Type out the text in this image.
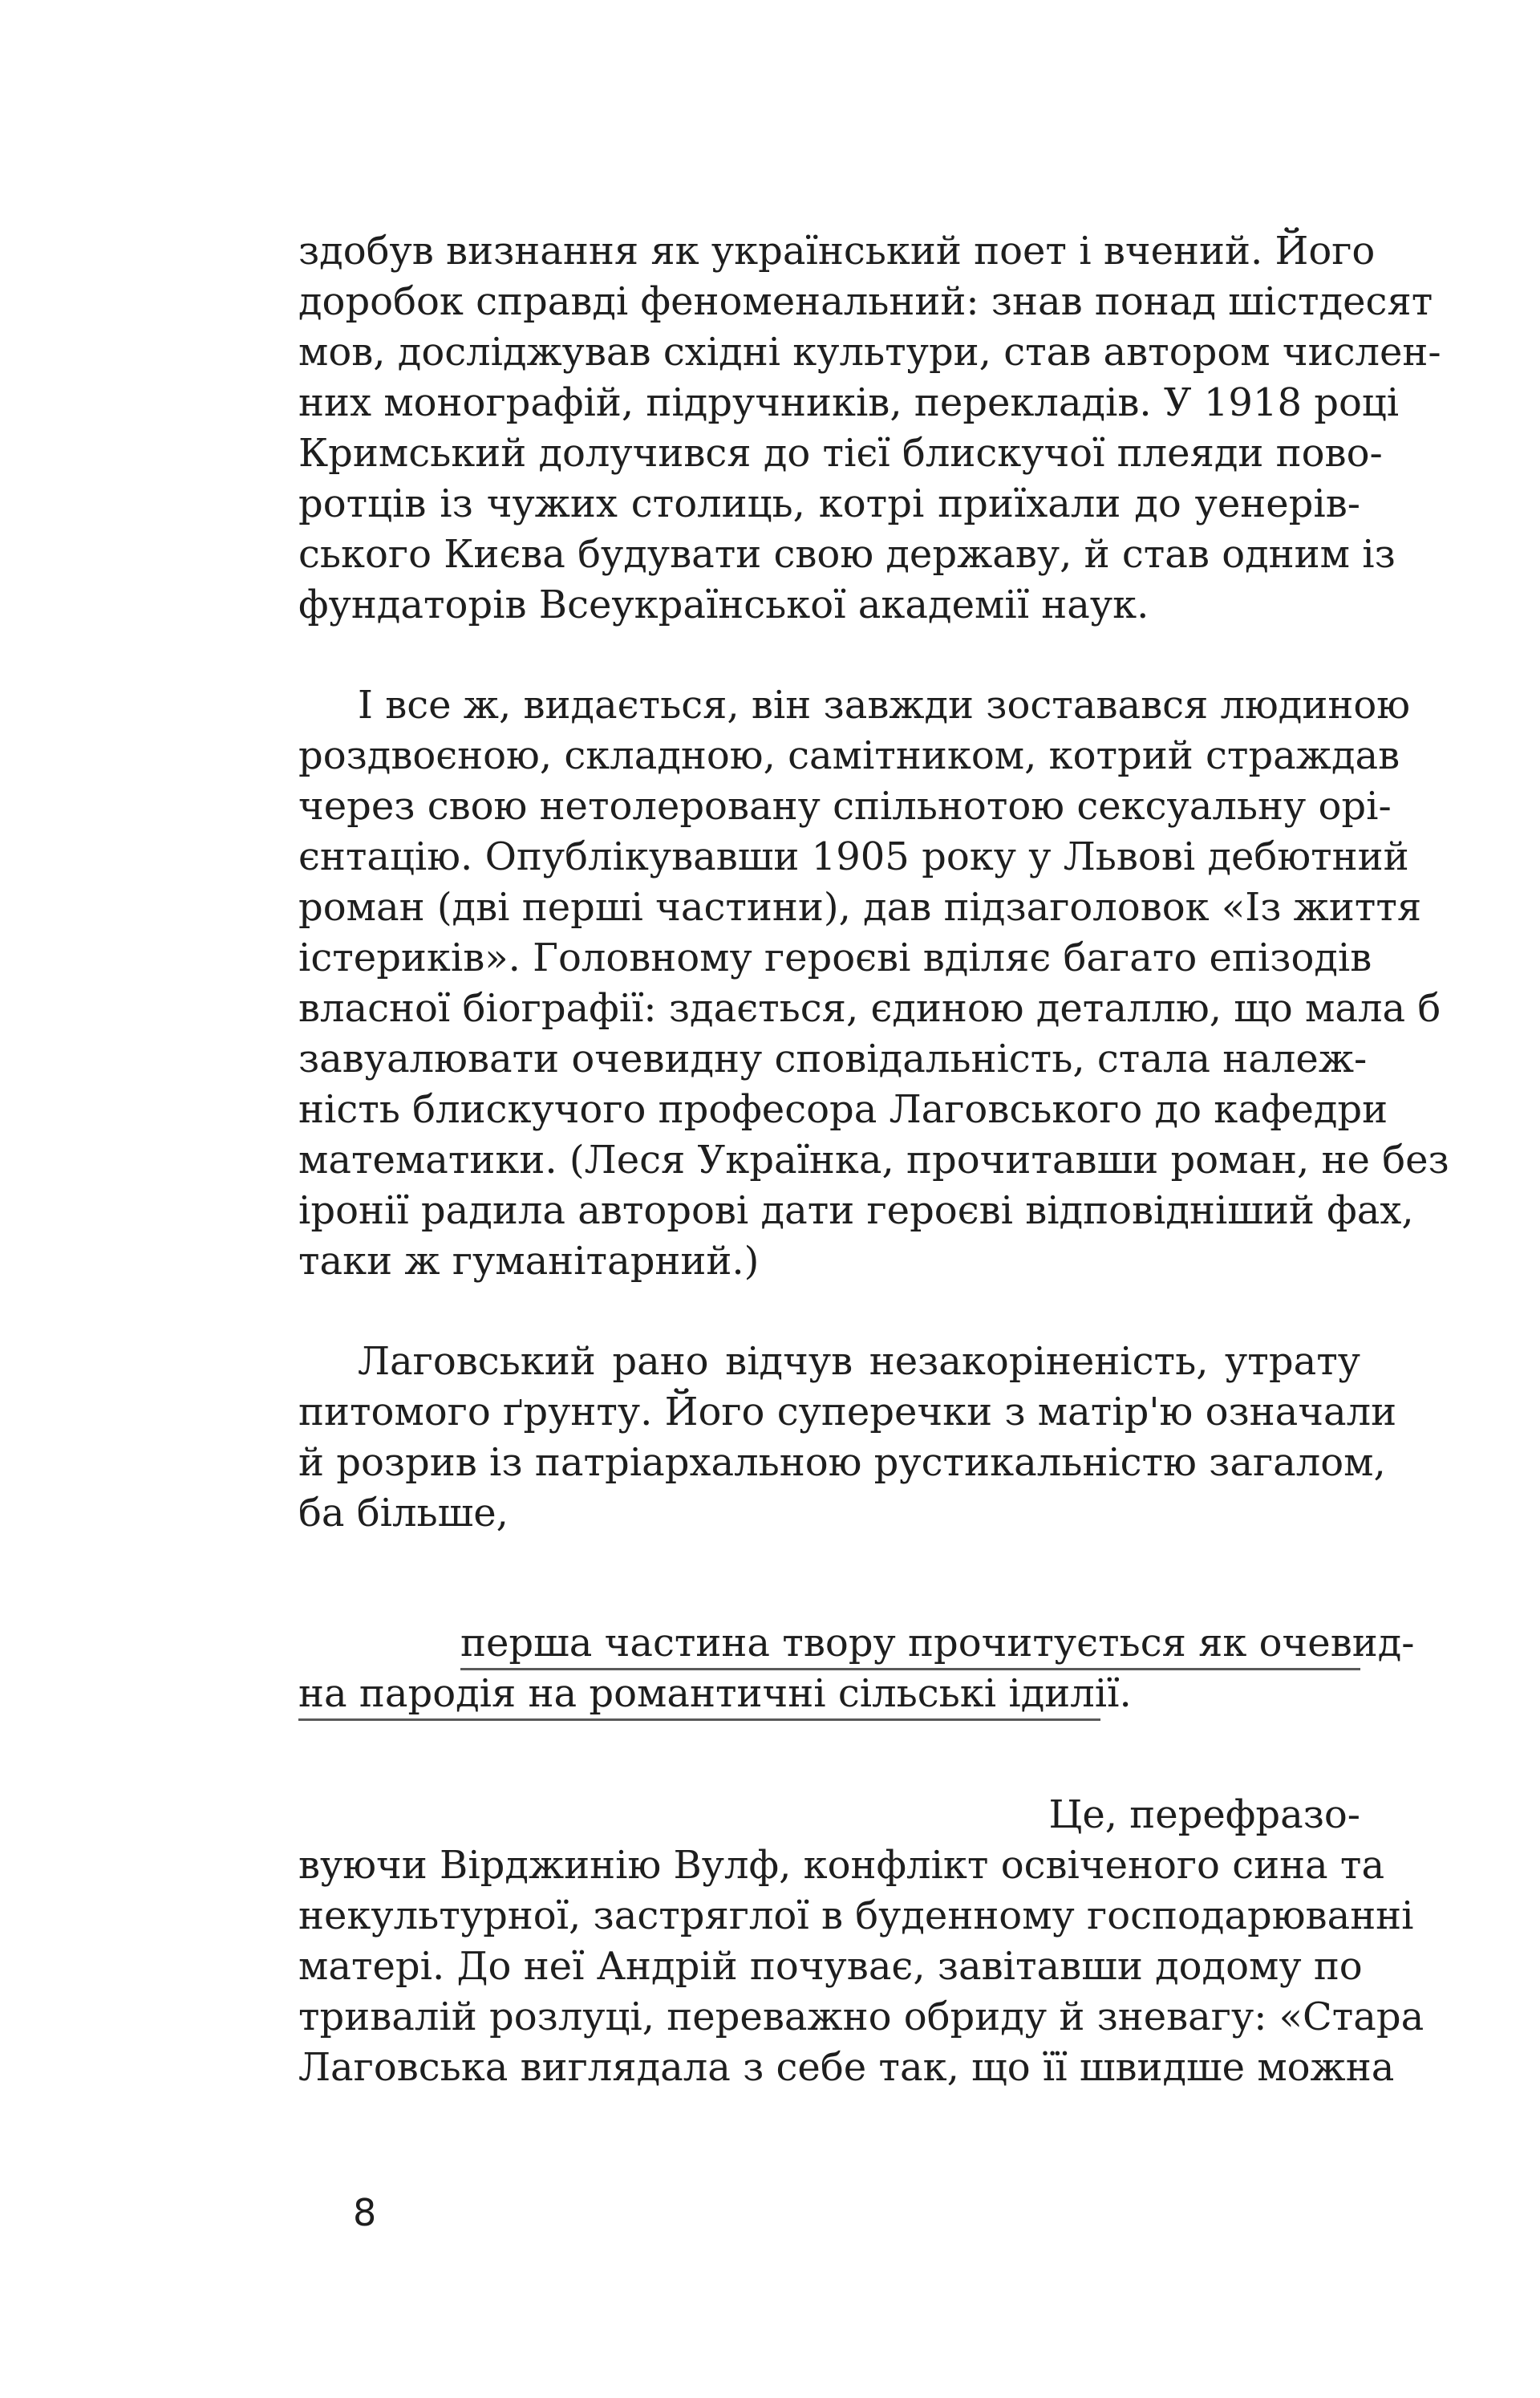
здобув визнання як український поет і вчений. Його
доробок справді феноменальний: знав понад шістдесят
мов, досліджував східні культури, став автором числен-
них монографій, підручників, перекладів. У 1918 році
Кримський долучився до тієї блискучої плеяди пово-
ротців із чужих столиць, котрі приїхали до уенерів-
ського Києва будувати свою державу, й став одним із
фундаторів Всеукраїнської академії наук.
І все ж, видається, він завжди зоставався людиною
роздвоєною, складною, самітником, котрий страждав
через свою нетолеровану спільнотою сексуальну орі-
єнтацію. Опублікувавши 1905 року у Львові дебютний
роман (дві перші частини), дав підзаголовок «Із життя
істериків». Головному героєві вділяє багато епізодів
власної біографії: здається, єдиною деталлю, що мала б
завуалювати очевидну сповідальність, стала належ-
ність блискучого професора Лаговського до кафедри
математики. (Леся Українка, прочитавши роман, не без
іронії радила авторові дати героєві відповідніший фах,
таки ж гуманітарний.)
Лаговський рано відчув незакоріненість, утрату
питомого ґрунту. Його суперечки з матір'ю означали
й розрив із патріархальною рустикальністю загалом,
ба більше,
перша частина твору прочитується як очевид-
на пародія на романтичні сільські ідилії.
Це, перефразо-
вуючи Вірджинію Вулф, конфлікт освіченого сина та
некультурної, застряглої в буденному господарюванні
матері. До неї Андрій почуває, завітавши додому по
тривалій розлуці, переважно обриду й зневагу: «Стара
Лаговська виглядала з себе так, що її швидше можна
8
